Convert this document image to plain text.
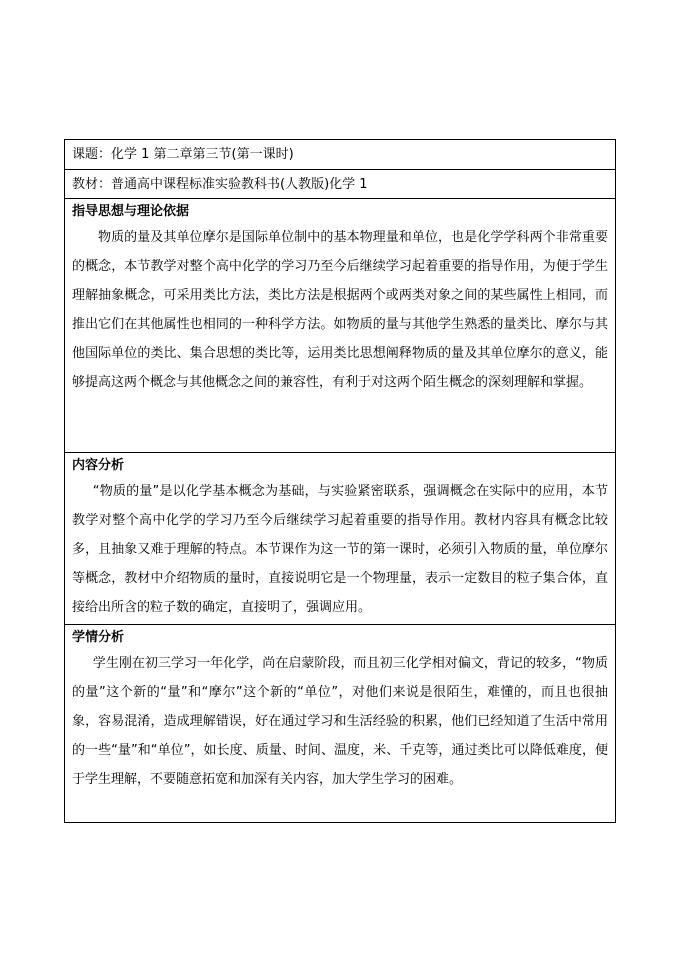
课题：化学 1 第二章第三节(第一课时)
教材：普通高中课程标准实验教科书(人教版)化学 1
指导思想与理论依据

物质的量及其单位摩尔是国际单位制中的基本物理量和单位，也是化学学科两个非常重要的概念，本节教学对整个高中化学的学习乃至今后继续学习起着重要的指导作用，为便于学生理解抽象概念，可采用类比方法，类比方法是根据两个或两类对象之间的某些属性上相同，而推出它们在其他属性也相同的一种科学方法。如物质的量与其他学生熟悉的量类比、摩尔与其他国际单位的类比、集合思想的类比等，运用类比思想阐释物质的量及其单位摩尔的意义，能够提高这两个概念与其他概念之间的兼容性，有利于对这两个陌生概念的深刻理解和掌握。

内容分析

“物质的量”是以化学基本概念为基础，与实验紧密联系，强调概念在实际中的应用，本节教学对整个高中化学的学习乃至今后继续学习起着重要的指导作用。教材内容具有概念比较多，且抽象又难于理解的特点。本节课作为这一节的第一课时，必须引入物质的量，单位摩尔等概念，教材中介绍物质的量时，直接说明它是一个物理量，表示一定数目的粒子集合体，直接给出所含的粒子数的确定，直接明了，强调应用。

学情分析

学生刚在初三学习一年化学，尚在启蒙阶段，而且初三化学相对偏文，背记的较多，“物质的量”这个新的“量”和“摩尔”这个新的“单位”，对他们来说是很陌生，难懂的，而且也很抽象，容易混淆，造成理解错误，好在通过学习和生活经验的积累，他们已经知道了生活中常用的一些“量”和“单位”，如长度、质量、时间、温度，米、千克等，通过类比可以降低难度，便于学生理解，不要随意拓宽和加深有关内容，加大学生学习的困难。
